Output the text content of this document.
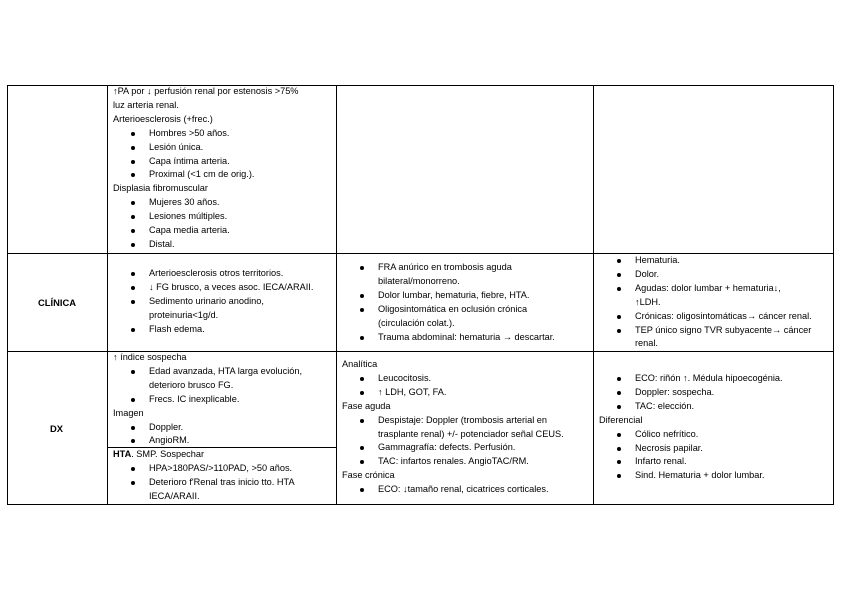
CLÍNICA
DX
↑PA por ↓ perfusión renal por estenosis >75%
luz arteria renal.
Arterioesclerosis (+frec.)
Hombres >50 años.
Lesión única.
Capa íntima arteria.
Proximal (<1 cm de orig.).
Displasia fibromuscular
Mujeres 30 años.
Lesiones múltiples.
Capa media arteria.
Distal.
Arterioesclerosis otros territorios.
↓ FG brusco, a veces asoc. IECA/ARAII.
Sedimento urinario anodino,
proteinuria<1g/d.
Flash edema.
↑ índice sospecha
Edad avanzada, HTA larga evolución,
deterioro brusco FG.
Frecs. IC inexplicable.
Imagen
Doppler.
AngioRM.
HTA. SMP. Sospechar
HPA>180PAS/>110PAD, >50 años.
Deterioro f'Renal tras inicio tto. HTA
IECA/ARAII.
FRA anúrico en trombosis aguda
bilateral/monorreno.
Dolor lumbar, hematuria, fiebre, HTA.
Oligosintomática en oclusión crónica
(circulación colat.).
Trauma abdominal: hematuria → descartar.
Analítica
Leucocitosis.
↑ LDH, GOT, FA.
Fase aguda
Despistaje: Doppler (trombosis arterial en
trasplante renal) +/- potenciador señal CEUS.
Gammagrafía: defects. Perfusión.
TAC: infartos renales. AngioTAC/RM.
Fase crónica
ECO: ↓tamaño renal, cicatrices corticales.
Hematuria.
Dolor.
Agudas: dolor lumbar + hematuria↓,
↑LDH.
Crónicas: oligosintomáticas→ cáncer renal.
TEP único signo TVR subyacente→ cáncer
renal.
ECO: riñón ↑. Médula hipoecogénia.
Doppler: sospecha.
TAC: elección.
Diferencial
Cólico nefrítico.
Necrosis papilar.
Infarto renal.
Sind. Hematuria + dolor lumbar.
